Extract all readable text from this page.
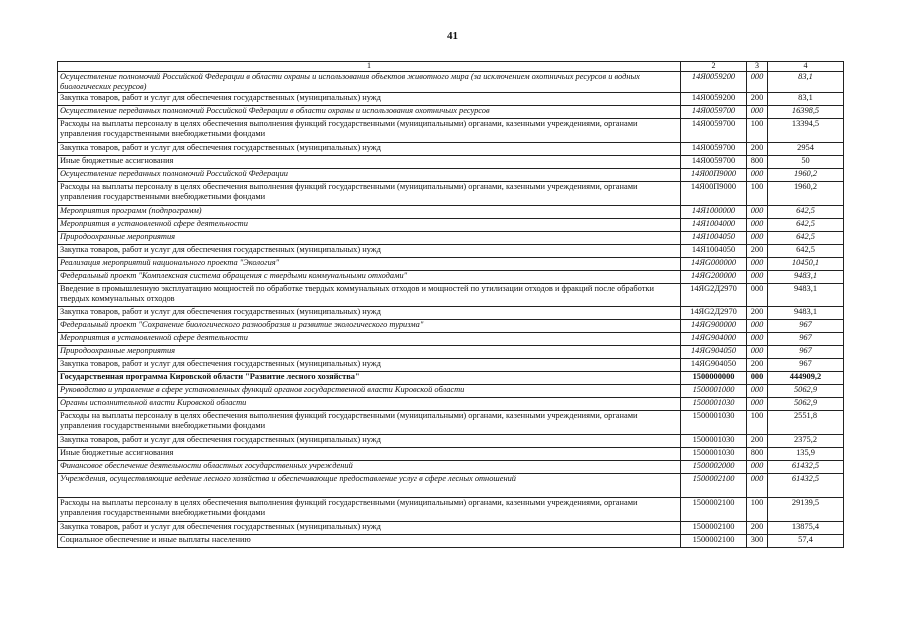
41
1	2	3	4
Осуществление полномочий Российской Федерации в области охраны и использования объектов животного мира (за исключением охотничьих ресурсов и водных биологических ресурсов)	14Я0059200	000	83,1
Закупка товаров, работ и услуг для обеспечения государственных (муниципальных) нужд	14Я0059200	200	83,1
Осуществление переданных полномочий Российской Федерации в области охраны и использования охотничьих ресурсов	14Я0059700	000	16398,5
Расходы на выплаты персоналу в целях обеспечения выполнения функций государственными (муниципальными) органами, казенными учреждениями, органами управления государственными внебюджетными фондами	14Я0059700	100	13394,5
Закупка товаров, работ и услуг для обеспечения государственных (муниципальных) нужд	14Я0059700	200	2954
Иные бюджетные ассигнования	14Я0059700	800	50
Осуществление переданных полномочий Российской Федерации	14Я00П9000	000	1960,2
Расходы на выплаты персоналу в целях обеспечения выполнения функций государственными (муниципальными) органами, казенными учреждениями, органами управления государственными внебюджетными фондами	14Я00П9000	100	1960,2
Мероприятия программ (подпрограмм)	14Я1000000	000	642,5
Мероприятия в установленной сфере деятельности	14Я1004000	000	642,5
Природоохранные мероприятия	14Я1004050	000	642,5
Закупка товаров, работ и услуг для обеспечения государственных (муниципальных) нужд	14Я1004050	200	642,5
Реализация мероприятий национального проекта "Экология"	14ЯG000000	000	10450,1
Федеральный проект "Комплексная система обращения с твердыми коммунальными отходами"	14ЯG200000	000	9483,1
Введение в промышленную эксплуатацию мощностей по обработке твердых коммунальных отходов и мощностей по утилизации отходов и фракций после обработки твердых коммунальных отходов	14ЯG2Д2970	000	9483,1
Закупка товаров, работ и услуг для обеспечения государственных (муниципальных) нужд	14ЯG2Д2970	200	9483,1
Федеральный проект "Сохранение биологического разнообразия и развитие экологического туризма"	14ЯG900000	000	967
Мероприятия в установленной сфере деятельности	14ЯG904000	000	967
Природоохранные мероприятия	14ЯG904050	000	967
Закупка товаров, работ и услуг для обеспечения государственных (муниципальных) нужд	14ЯG904050	200	967
Государственная программа Кировской области "Развитие лесного хозяйства"	1500000000	000	444909,2
Руководство и управление в сфере установленных функций органов государственной власти Кировской области	1500001000	000	5062,9
Органы исполнительной власти Кировской области	1500001030	000	5062,9
Расходы на выплаты персоналу в целях обеспечения выполнения функций государственными (муниципальными) органами, казенными учреждениями, органами управления государственными внебюджетными фондами	1500001030	100	2551,8
Закупка товаров, работ и услуг для обеспечения государственных (муниципальных) нужд	1500001030	200	2375,2
Иные бюджетные ассигнования	1500001030	800	135,9
Финансовое обеспечение деятельности областных государственных учреждений	1500002000	000	61432,5
Учреждения, осуществляющие ведение лесного хозяйства и обеспечивающие предоставление услуг в сфере лесных отношений	1500002100	000	61432,5
Расходы на выплаты персоналу в целях обеспечения выполнения функций государственными (муниципальными) органами, казенными учреждениями, органами управления государственными внебюджетными фондами	1500002100	100	29139,5
Закупка товаров, работ и услуг для обеспечения государственных (муниципальных) нужд	1500002100	200	13875,4
Социальное обеспечение и иные выплаты населению	1500002100	300	57,4
